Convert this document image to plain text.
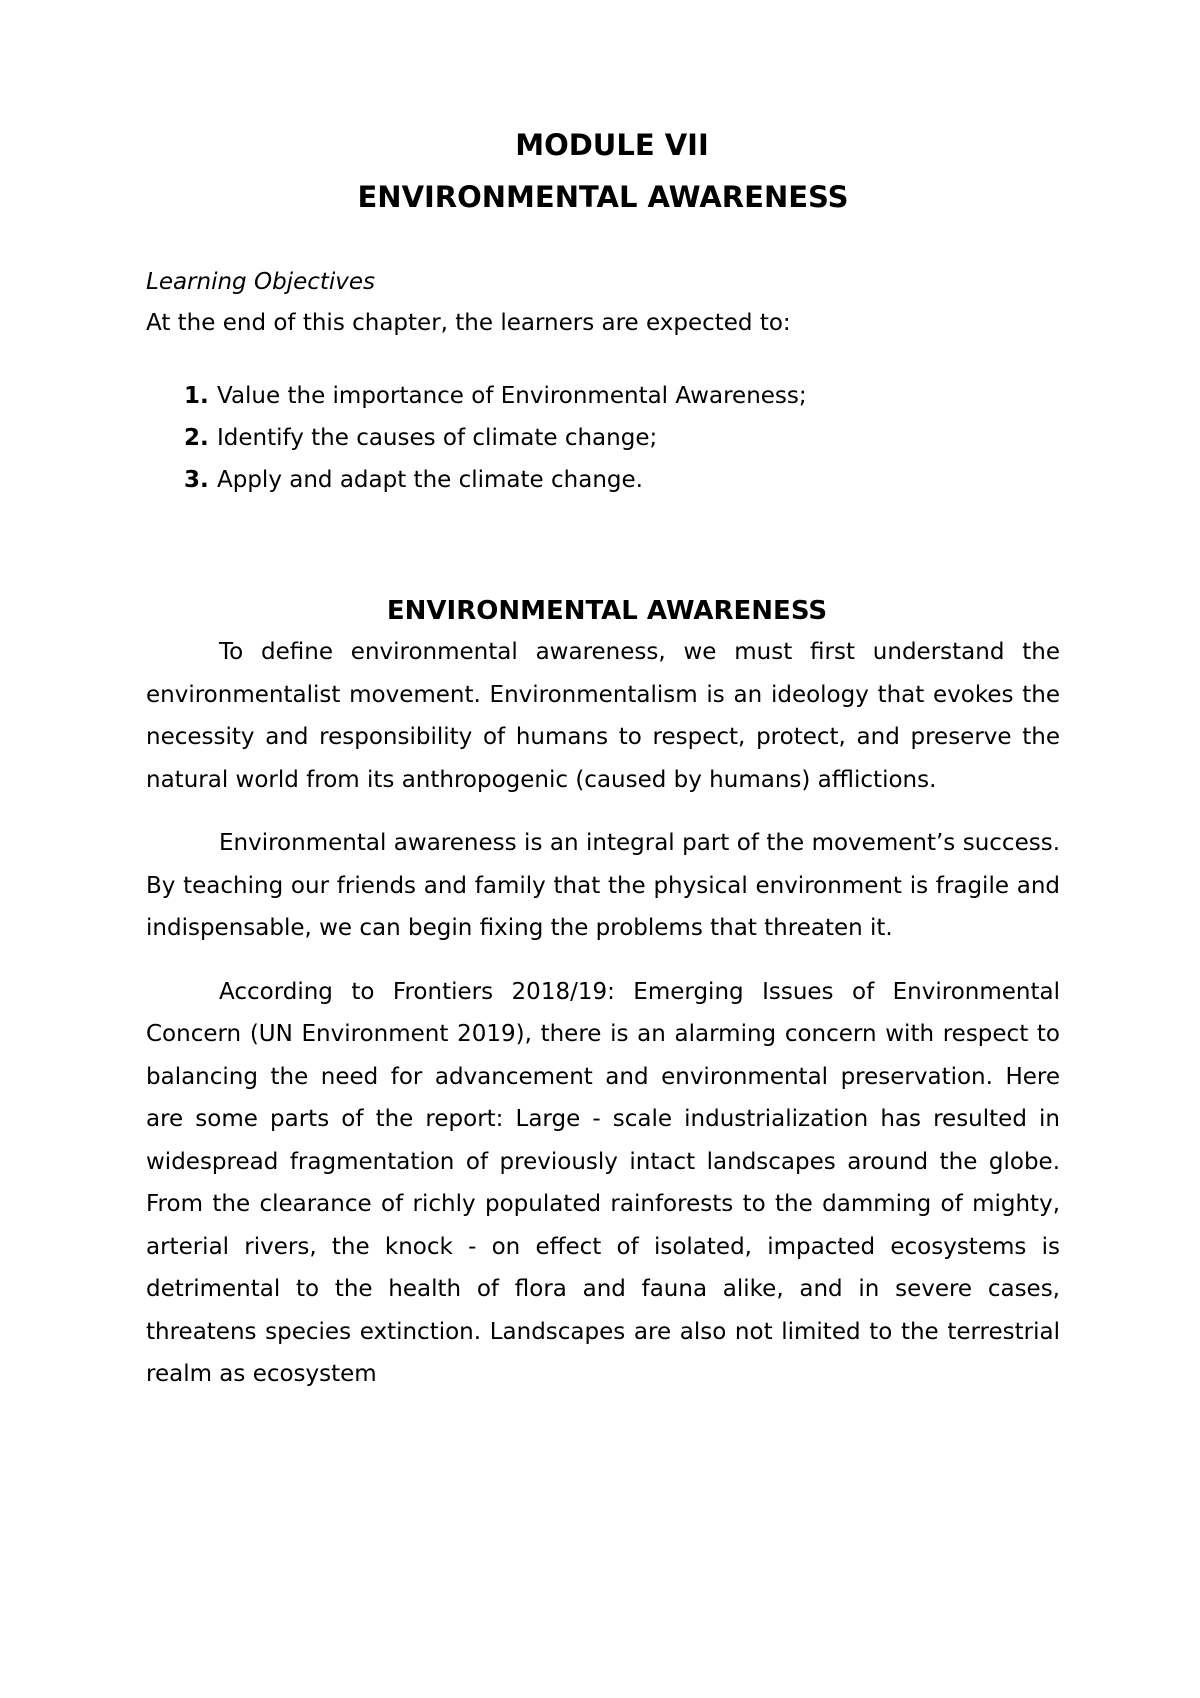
MODULE VII
ENVIRONMENTAL AWARENESS
Learning Objectives
At the end of this chapter, the learners are expected to:
1. Value the importance of Environmental Awareness;
2. Identify the causes of climate change;
3. Apply and adapt the climate change.
ENVIRONMENTAL AWARENESS

To define environmental awareness, we must first understand the environmentalist movement. Environmentalism is an ideology that evokes the necessity and responsibility of humans to respect, protect, and preserve the natural world from its anthropogenic (caused by humans) afflictions.

Environmental awareness is an integral part of the movement’s success. By teaching our friends and family that the physical environment is fragile and indispensable, we can begin fixing the problems that threaten it.

According to Frontiers 2018/19: Emerging Issues of Environmental Concern (UN Environment 2019), there is an alarming concern with respect to balancing the need for advancement and environmental preservation. Here are some parts of the report: Large - scale industrialization has resulted in widespread fragmentation of previously intact landscapes around the globe. From the clearance of richly populated rainforests to the damming of mighty, arterial rivers, the knock - on effect of isolated, impacted ecosystems is detrimental to the health of flora and fauna alike, and in severe cases, threatens species extinction. Landscapes are also not limited to the terrestrial realm as ecosystem
